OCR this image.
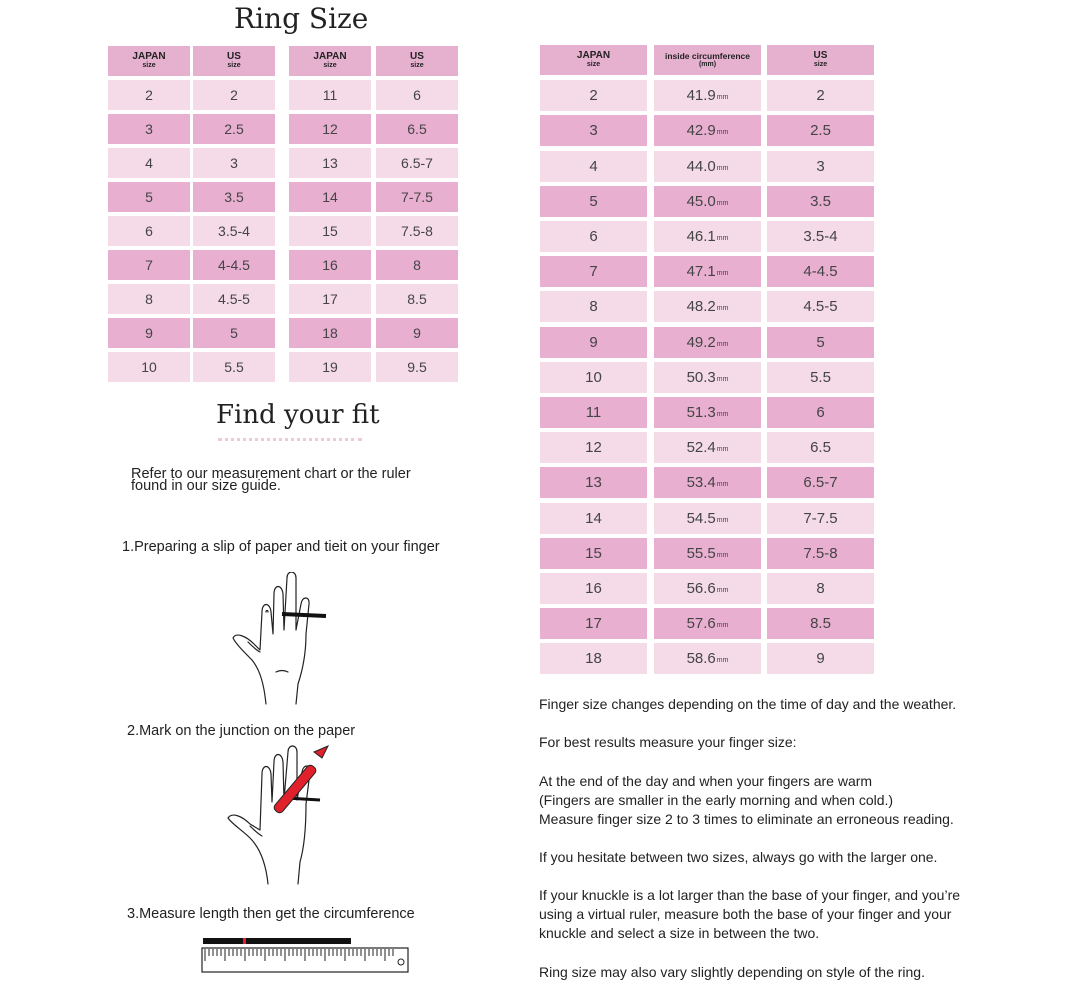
Ring Size
JAPAN
size
US
size
JAPAN
size
US
size
2	2	11	6
3	2.5	12	6.5
4	3	13	6.5-7
5	3.5	14	7-7.5
6	3.5-4	15	7.5-8
7	4-4.5	16	8
8	4.5-5	17	8.5
9	5	18	9
10	5.5	19	9.5
JAPAN
size
inside circumference
(mm)
US
size
2	41.9 mm	2
3	42.9 mm	2.5
4	44.0 mm	3
5	45.0 mm	3.5
6	46.1 mm	3.5-4
7	47.1 mm	4-4.5
8	48.2 mm	4.5-5
9	49.2 mm	5
10	50.3 mm	5.5
11	51.3 mm	6
12	52.4 mm	6.5
13	53.4 mm	6.5-7
14	54.5 mm	7-7.5
15	55.5 mm	7.5-8
16	56.6 mm	8
17	57.6 mm	8.5
18	58.6 mm	9
Find your fit
Refer to our measurement chart or the ruler
found in our size guide.
1.Preparing a slip of paper and tieit on your finger
2.Mark on the junction on the paper
3.Measure length then get the circumference
Finger size changes depending on the time of day and the weather.
For best results measure your finger size:
At the end of the day and when your fingers are warm
(Fingers are smaller in the early morning and when cold.)
Measure finger size 2 to 3 times to eliminate an erroneous reading.
If you hesitate between two sizes, always go with the larger one.
If your knuckle is a lot larger than the base of your finger, and you’re
using a virtual ruler, measure both the base of your finger and your
knuckle and select a size in between the two.
Ring size may also vary slightly depending on style of the ring.
